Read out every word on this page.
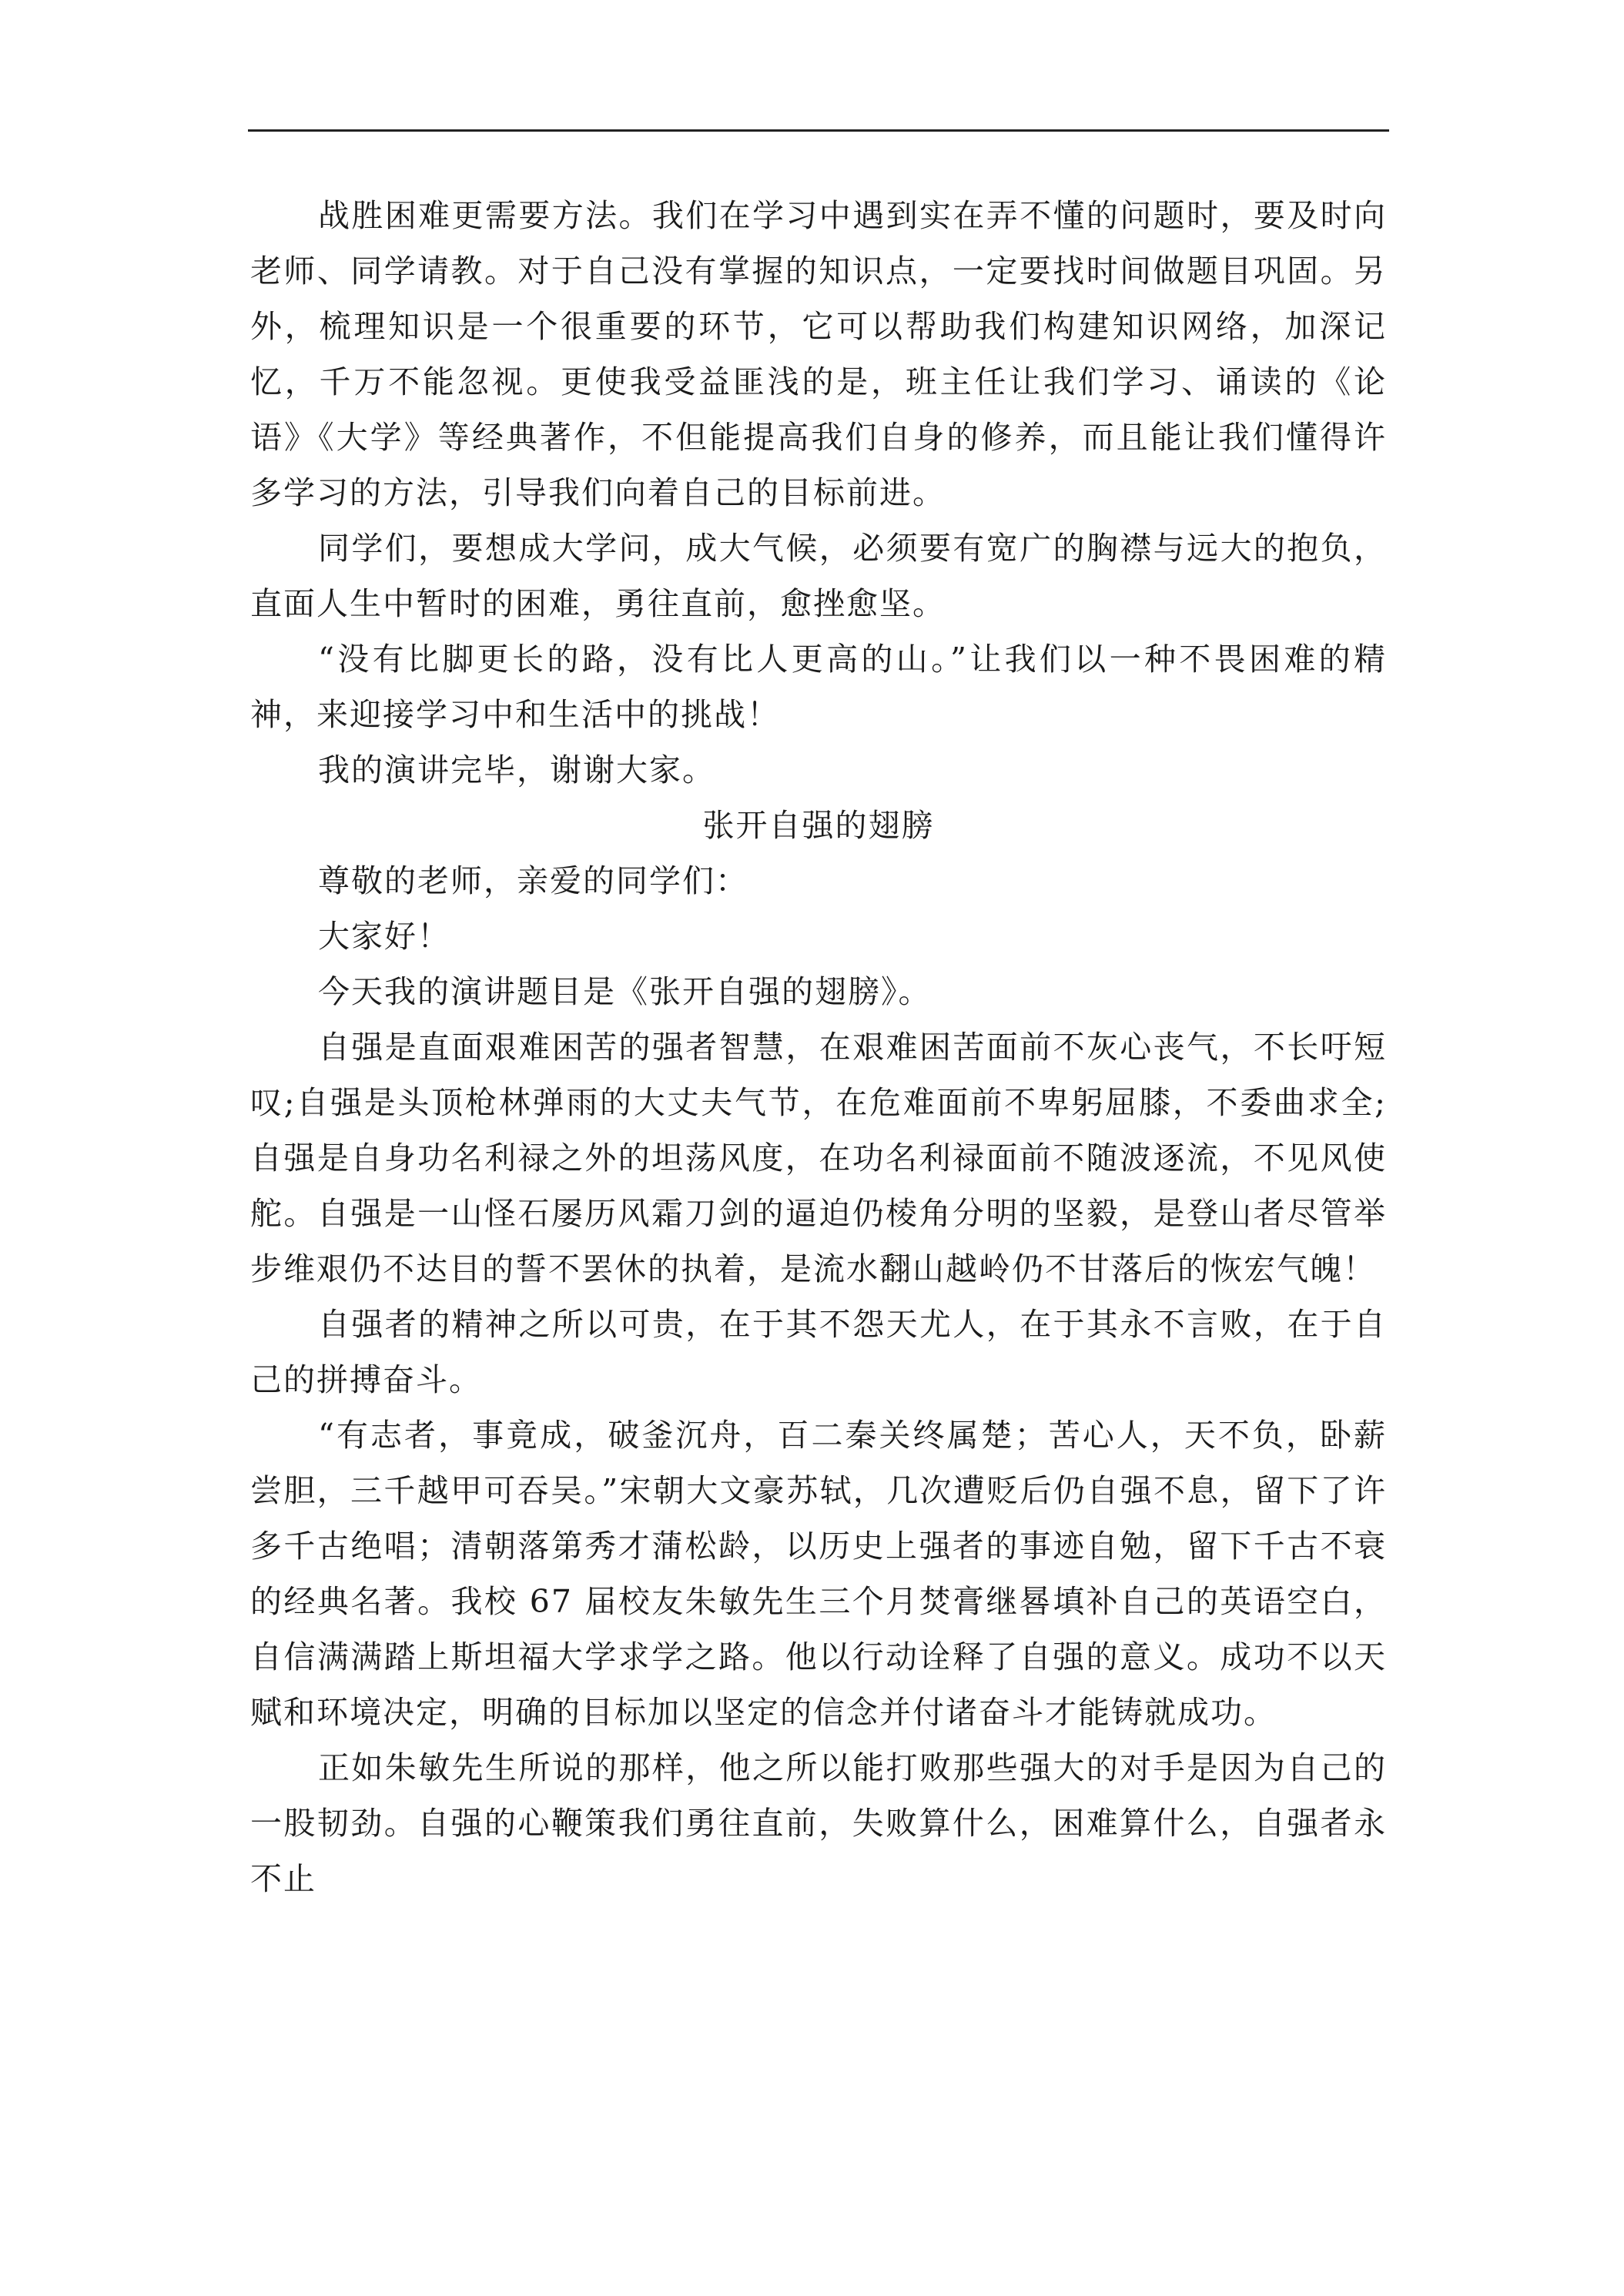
战胜困难更需要方法。我们在学习中遇到实在弄不懂的问题时，要及时向老师、同学请教。对于自己没有掌握的知识点，一定要找时间做题目巩固。另外，梳理知识是一个很重要的环节，它可以帮助我们构建知识网络，加深记忆，千万不能忽视。更使我受益匪浅的是，班主任让我们学习、诵读的《论语》《大学》等经典著作，不但能提高我们自身的修养，而且能让我们懂得许多学习的方法，引导我们向着自己的目标前进。

同学们，要想成大学问，成大气候，必须要有宽广的胸襟与远大的抱负，直面人生中暂时的困难，勇往直前，愈挫愈坚。

“没有比脚更长的路，没有比人更高的山。”让我们以一种不畏困难的精神，来迎接学习中和生活中的挑战！

我的演讲完毕，谢谢大家。

张开自强的翅膀

尊敬的老师，亲爱的同学们：

大家好！

今天我的演讲题目是《张开自强的翅膀》。

自强是直面艰难困苦的强者智慧，在艰难困苦面前不灰心丧气，不长吁短叹;自强是头顶枪林弹雨的大丈夫气节，在危难面前不卑躬屈膝，不委曲求全;自强是自身功名利禄之外的坦荡风度，在功名利禄面前不随波逐流，不见风使舵。自强是一山怪石屡历风霜刀剑的逼迫仍棱角分明的坚毅，是登山者尽管举步维艰仍不达目的誓不罢休的执着，是流水翻山越岭仍不甘落后的恢宏气魄！

自强者的精神之所以可贵，在于其不怨天尤人，在于其永不言败，在于自己的拼搏奋斗。

“有志者，事竟成，破釜沉舟，百二秦关终属楚；苦心人，天不负，卧薪尝胆，三千越甲可吞吴。”宋朝大文豪苏轼，几次遭贬后仍自强不息，留下了许多千古绝唱；清朝落第秀才蒲松龄，以历史上强者的事迹自勉，留下千古不衰的经典名著。我校 67 届校友朱敏先生三个月焚膏继晷填补自己的英语空白，自信满满踏上斯坦福大学求学之路。他以行动诠释了自强的意义。成功不以天赋和环境决定，明确的目标加以坚定的信念并付诸奋斗才能铸就成功。

正如朱敏先生所说的那样，他之所以能打败那些强大的对手是因为自己的一股韧劲。自强的心鞭策我们勇往直前，失败算什么，困难算什么，自强者永不止
